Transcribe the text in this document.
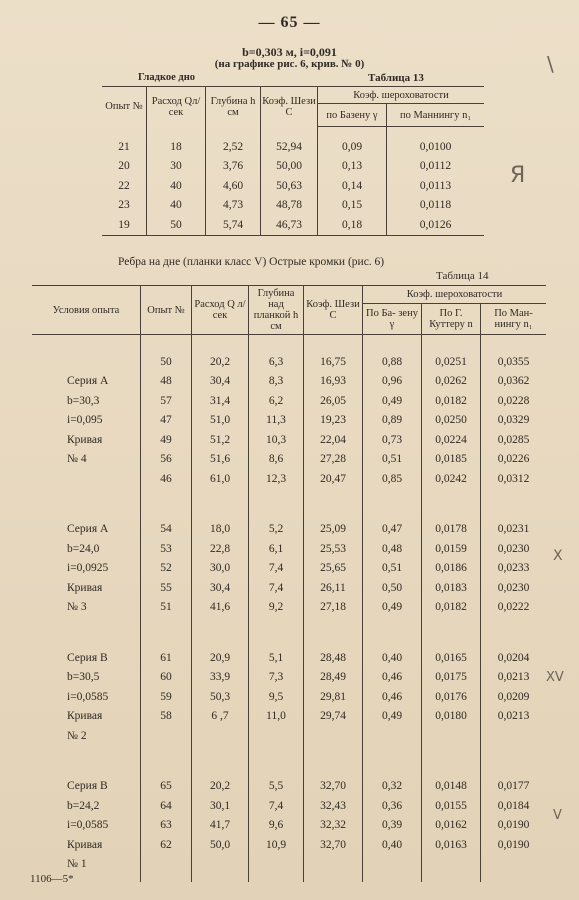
— 65 —
b=0,303 м, i=0,091
(на графике рис. 6, крив. № 0)
Гладкое дно	Таблица 13
Опыт №	Расход Qл/сек	Глубина h см	Коэф. Шези C	Коэф. шероховатости	
				по Базену γ	по Маннингу n₁
21	18	2,52	52,94	0,09	0,0100
20	30	3,76	50,00	0,13	0,0112
22	40	4,60	50,63	0,14	0,0113
23	40	4,73	48,78	0,15	0,0118
19	50	5,74	46,73	0,18	0,0126
Ребра на дне (планки класс V) Острые кромки (рис. 6)
Таблица 14
Условия опыта	Опыт №	Расход Q л/сек	Глубина над планкой h см	Коэф. Шези C	Коэф. шероховатости		
					По Ба- зену γ	По Г. Куттеру n	По Ман- нингу n₁

	50	20,2	6,3	16,75	0,88	0,0251	0,0355
Серия А	48	30,4	8,3	16,93	0,96	0,0262	0,0362
b=30,3	57	31,4	6,2	26,05	0,49	0,0182	0,0228
i=0,095	47	51,0	11,3	19,23	0,89	0,0250	0,0329
Кривая	49	51,2	10,3	22,04	0,73	0,0224	0,0285
№ 4	56	51,6	8,6	27,28	0,51	0,0185	0,0226
	46	61,0	12,3	20,47	0,85	0,0242	0,0312

Серия А	54	18,0	5,2	25,09	0,47	0,0178	0,0231
b=24,0	53	22,8	6,1	25,53	0,48	0,0159	0,0230
i=0,0925	52	30,0	7,4	25,65	0,51	0,0186	0,0233
Кривая	55	30,4	7,4	26,11	0,50	0,0183	0,0230
№ 3	51	41,6	9,2	27,18	0,49	0,0182	0,0222

Серия В	61	20,9	5,1	28,48	0,40	0,0165	0,0204
b=30,5	60	33,9	7,3	28,49	0,46	0,0175	0,0213
i=0,0585	59	50,3	9,5	29,81	0,46	0,0176	0,0209
Кривая	58	6 ,7	11,0	29,74	0,49	0,0180	0,0213
№ 2							

Серия В	65	20,2	5,5	32,70	0,32	0,0148	0,0177
b=24,2	64	30,1	7,4	32,43	0,36	0,0155	0,0184
i=0,0585	63	41,7	9,6	32,32	0,39	0,0162	0,0190
Кривая	62	50,0	10,9	32,70	0,40	0,0163	0,0190
№ 1							

1106—5*
\
Я
X
XV
V
